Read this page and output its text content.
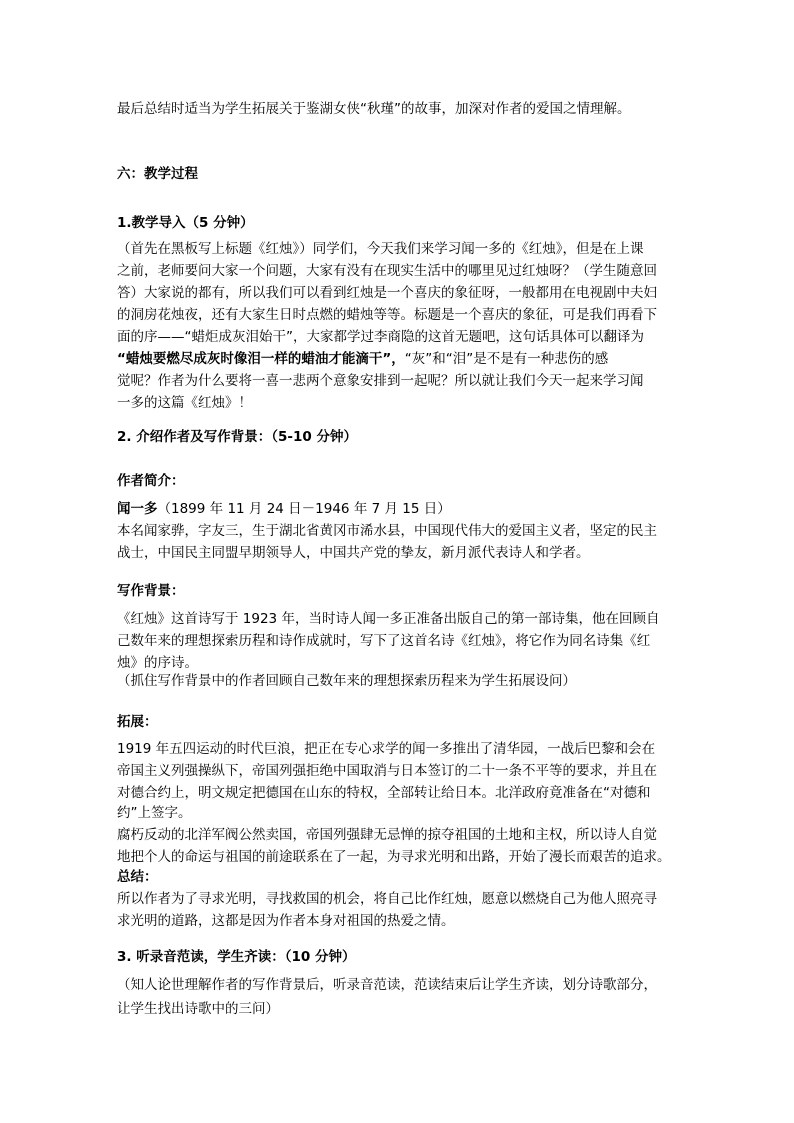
最后总结时适当为学生拓展关于鉴湖女侠“秋瑾”的故事，加深对作者的爱国之情理解。
六：教学过程
1.教学导入（5 分钟）
（首先在黑板写上标题《红烛》）同学们，今天我们来学习闻一多的《红烛》，但是在上课
之前，老师要问大家一个问题，大家有没有在现实生活中的哪里见过红烛呀？（学生随意回
答）大家说的都有，所以我们可以看到红烛是一个喜庆的象征呀，一般都用在电视剧中夫妇
的洞房花烛夜，还有大家生日时点燃的蜡烛等等。标题是一个喜庆的象征，可是我们再看下
面的序——“蜡炬成灰泪始干”，大家都学过李商隐的这首无题吧，这句话具体可以翻译为
“蜡烛要燃尽成灰时像泪一样的蜡油才能滴干”，“灰”和“泪”是不是有一种悲伤的感
觉呢？作者为什么要将一喜一悲两个意象安排到一起呢？所以就让我们今天一起来学习闻
一多的这篇《红烛》！
2. 介绍作者及写作背景：（5-10 分钟）
作者简介：
闻一多（1899 年 11 月 24 日－1946 年 7 月 15 日）
本名闻家骅，字友三，生于湖北省黄冈市浠水县，中国现代伟大的爱国主义者，坚定的民主
战士，中国民主同盟早期领导人，中国共产党的挚友，新月派代表诗人和学者。
写作背景：
《红烛》这首诗写于 1923 年，当时诗人闻一多正准备出版自己的第一部诗集，他在回顾自
己数年来的理想探索历程和诗作成就时，写下了这首名诗《红烛》，将它作为同名诗集《红
烛》的序诗。
（抓住写作背景中的作者回顾自己数年来的理想探索历程来为学生拓展设问）
拓展：
1919 年五四运动的时代巨浪，把正在专心求学的闻一多推出了清华园，一战后巴黎和会在
帝国主义列强操纵下，帝国列强拒绝中国取消与日本签订的二十一条不平等的要求，并且在
对德合约上，明文规定把德国在山东的特权，全部转让给日本。北洋政府竟准备在“对德和
约”上签字。
腐朽反动的北洋军阀公然卖国，帝国列强肆无忌惮的掠夺祖国的土地和主权，所以诗人自觉
地把个人的命运与祖国的前途联系在了一起，为寻求光明和出路，开始了漫长而艰苦的追求。
总结：
所以作者为了寻求光明，寻找救国的机会，将自己比作红烛，愿意以燃烧自己为他人照亮寻
求光明的道路，这都是因为作者本身对祖国的热爱之情。
3. 听录音范读，学生齐读：（10 分钟）
（知人论世理解作者的写作背景后，听录音范读，范读结束后让学生齐读，划分诗歌部分，
让学生找出诗歌中的三问）
